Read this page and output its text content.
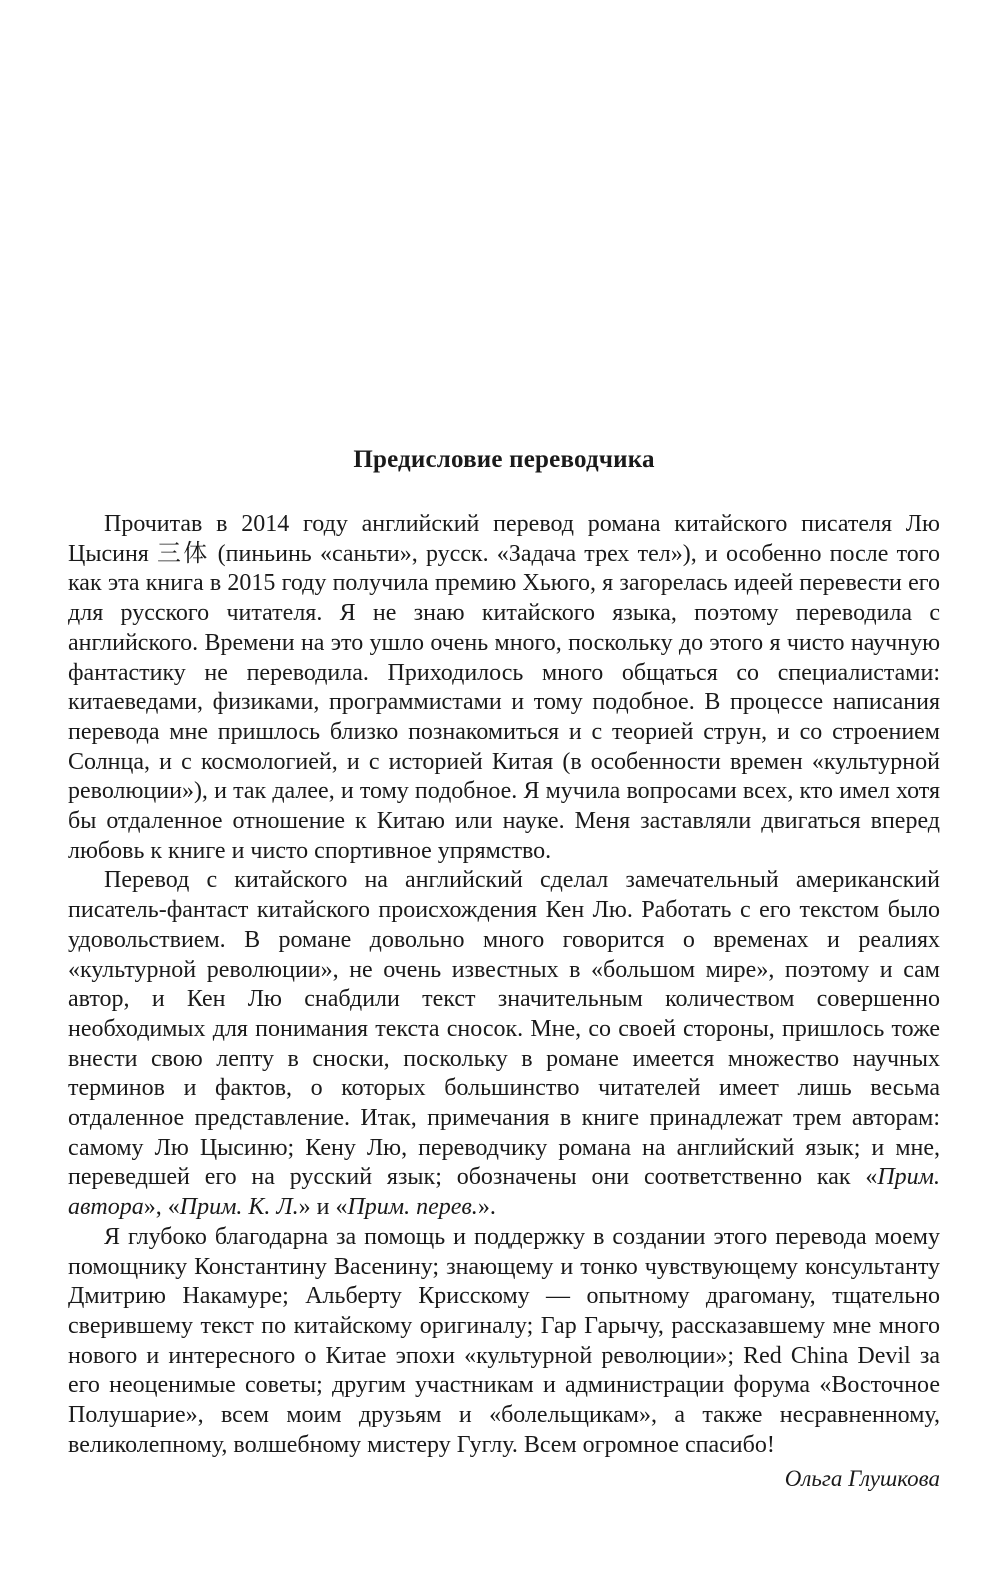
Предисловие переводчика

Прочитав в 2014 году английский перевод романа китайского писателя Лю Цысиня 三体 (пиньинь «саньти», русск. «Задача трех тел»), и особенно после того как эта книга в 2015 году получила премию Хьюго, я загорелась идеей перевести его для русского читателя. Я не знаю китайского языка, поэтому переводила с английского. Времени на это ушло очень много, поскольку до этого я чисто научную фантастику не переводила. Приходилось много общаться со специалистами: китаеведами, физиками, программистами и тому подобное. В процессе написания перевода мне пришлось близко познакомиться и с теорией струн, и со строением Солнца, и с космологией, и с историей Китая (в особенности времен «культурной революции»), и так далее, и тому подобное. Я мучила вопросами всех, кто имел хотя бы отдаленное отношение к Китаю или науке. Меня заставляли двигаться вперед любовь к книге и чисто спортивное упрямство.

Перевод с китайского на английский сделал замечательный американский писатель-фантаст китайского происхождения Кен Лю. Работать с его текстом было удовольствием. В романе довольно много говорится о временах и реалиях «культурной революции», не очень известных в «большом мире», поэтому и сам автор, и Кен Лю снабдили текст значительным количеством совершенно необходимых для понимания текста сносок. Мне, со своей стороны, пришлось тоже внести свою лепту в сноски, поскольку в романе имеется множество научных терминов и фактов, о которых большинство читателей имеет лишь весьма отдаленное представление. Итак, примечания в книге принадлежат трем авторам: самому Лю Цысиню; Кену Лю, переводчику романа на английский язык; и мне, переведшей его на русский язык; обозначены они соответственно как «Прим. автора», «Прим. К. Л.» и «Прим. перев.».

Я глубоко благодарна за помощь и поддержку в создании этого перевода моему помощнику Константину Васенину; знающему и тонко чувствующему консультанту Дмитрию Накамуре; Альберту Крисскому — опытному драгоману, тщательно сверившему текст по китайскому оригиналу; Гар Гарычу, рассказавшему мне много нового и интересного о Китае эпохи «культурной революции»; Red China Devil за его неоценимые советы; другим участникам и администрации форума «Восточное Полушарие», всем моим друзьям и «болельщикам», а также несравненному, великолепному, волшебному мистеру Гуглу. Всем огромное спасибо!

Ольга Глушкова
